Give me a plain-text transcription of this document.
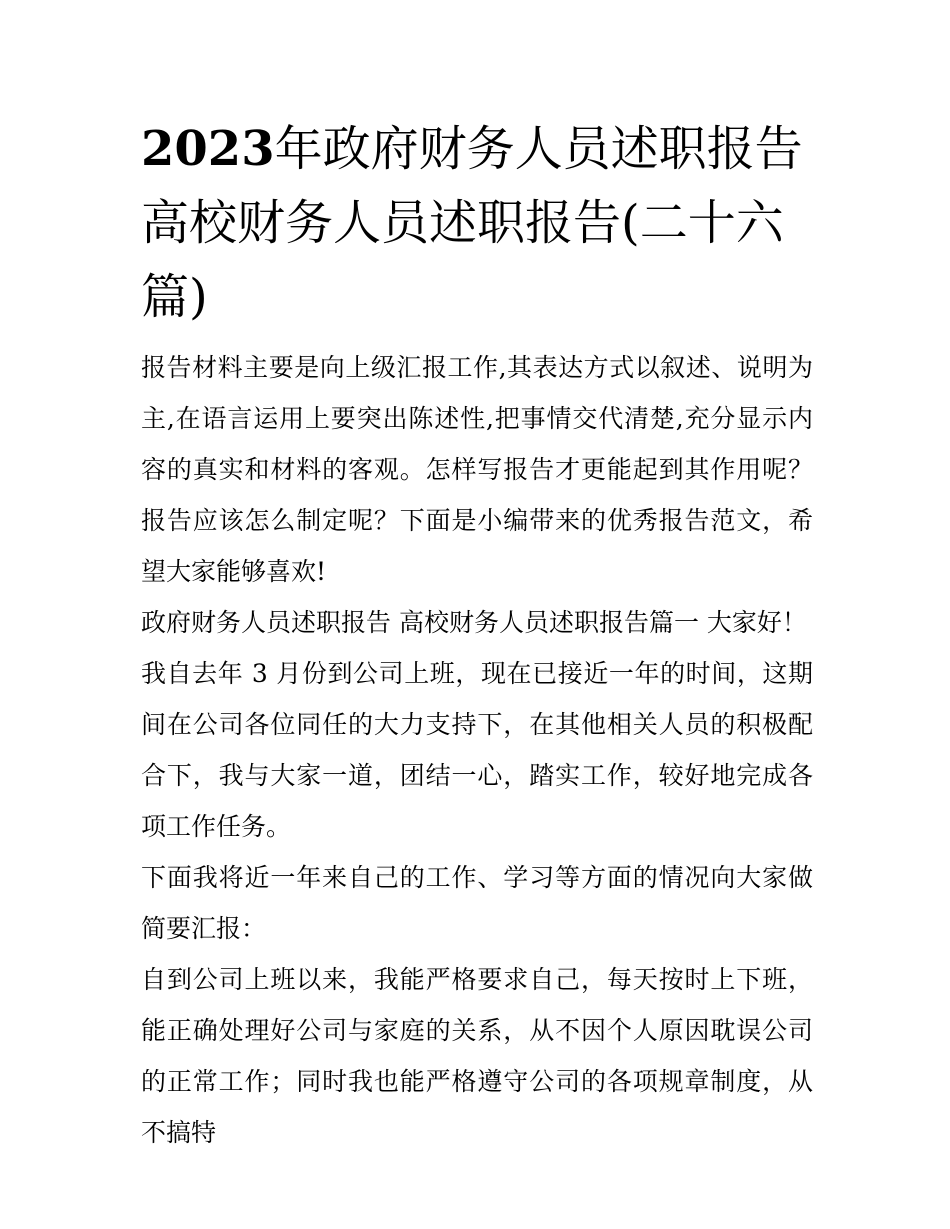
2023年政府财务人员述职报告
高校财务人员述职报告(二十六
篇)

报告材料主要是向上级汇报工作,其表达方式以叙述、说明为主,在语言运用上要突出陈述性,把事情交代清楚,充分显示内容的真实和材料的客观。怎样写报告才更能起到其作用呢？报告应该怎么制定呢？下面是小编带来的优秀报告范文，希望大家能够喜欢!

政府财务人员述职报告 高校财务人员述职报告篇一 大家好！

我自去年 3 月份到公司上班，现在已接近一年的时间，这期间在公司各位同任的大力支持下，在其他相关人员的积极配合下，我与大家一道，团结一心，踏实工作，较好地完成各项工作任务。

下面我将近一年来自己的工作、学习等方面的情况向大家做简要汇报：

自到公司上班以来，我能严格要求自己，每天按时上下班，能正确处理好公司与家庭的关系，从不因个人原因耽误公司的正常工作；同时我也能严格遵守公司的各项规章制度，从不搞特
